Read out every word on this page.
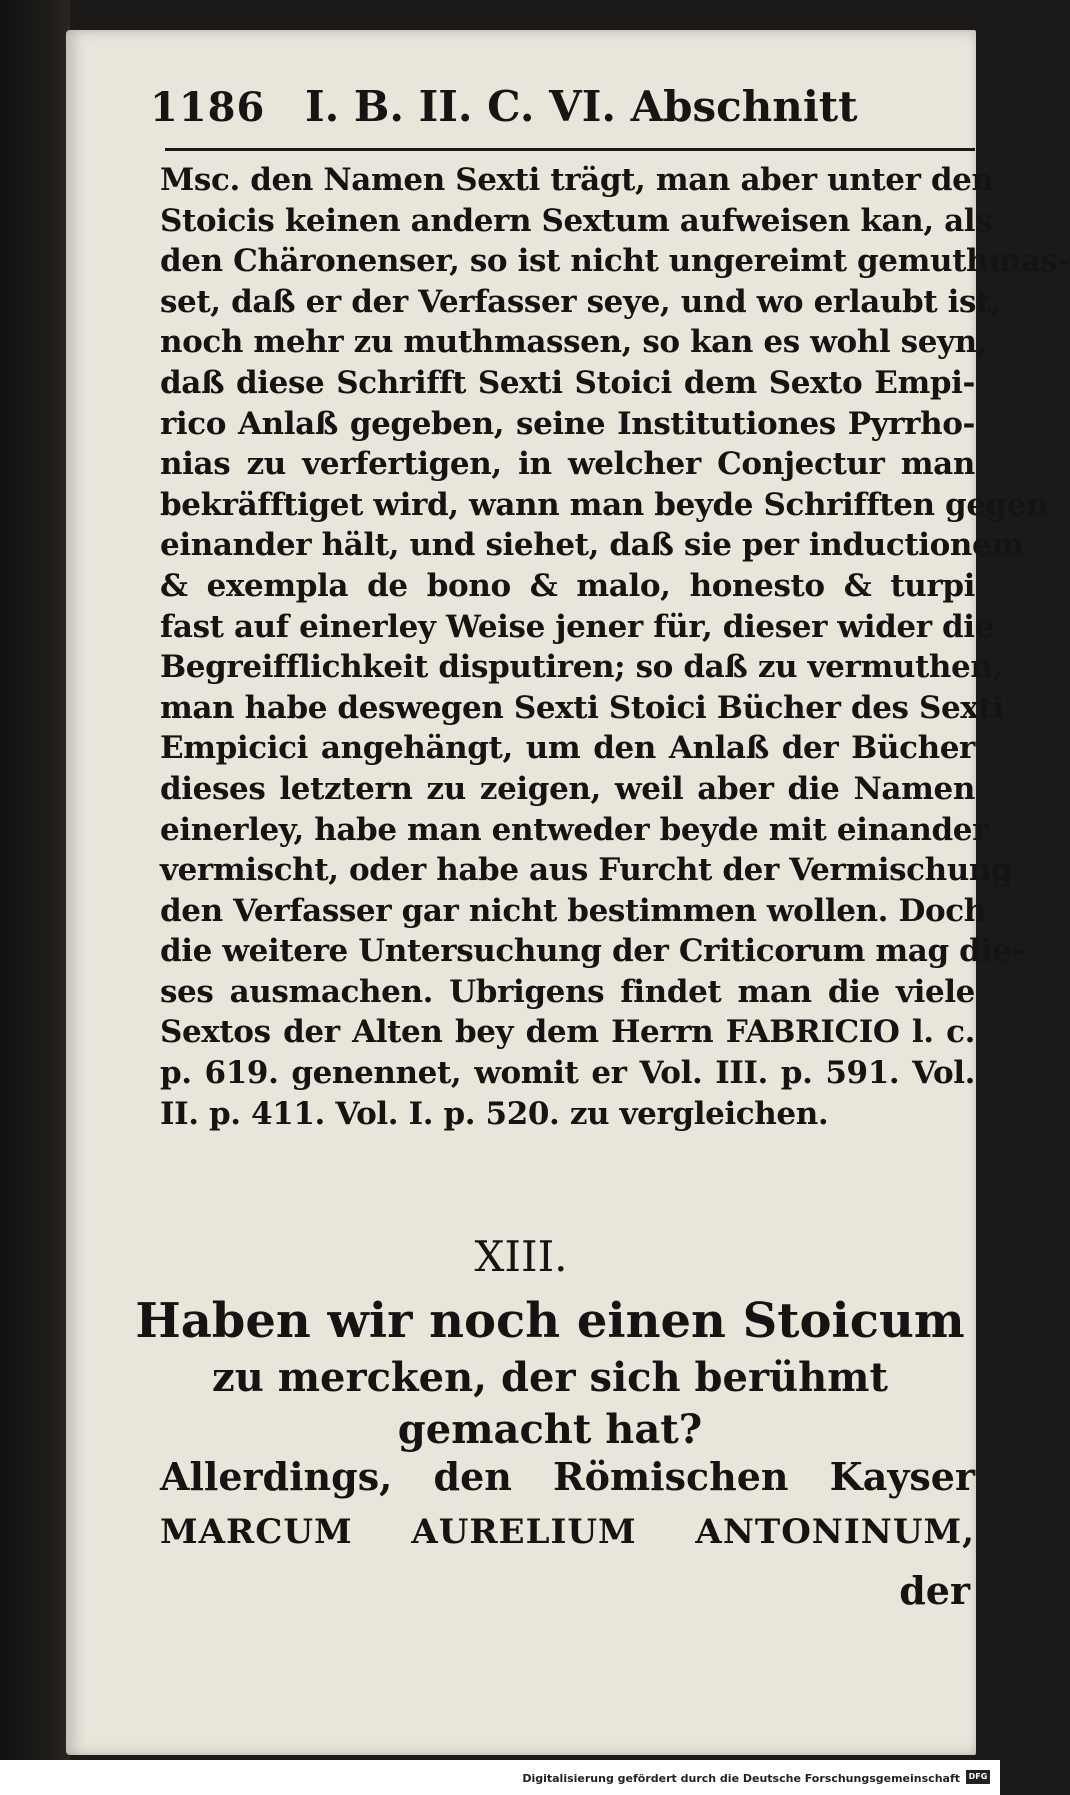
1186 I. B. II. C. VI. Abschnitt
Msc. den Namen Sexti trägt, man aber unter den
Stoicis keinen andern Sextum aufweisen kan, als
den Chäronenser, so ist nicht ungereimt gemuthmas-
set, daß er der Verfasser seye, und wo erlaubt ist,
noch mehr zu muthmassen, so kan es wohl seyn,
daß diese Schrifft Sexti Stoici dem Sexto Empi-
rico Anlaß gegeben, seine Institutiones Pyrrho-
nias zu verfertigen, in welcher Conjectur man
bekräfftiget wird, wann man beyde Schrifften gegen
einander hält, und siehet, daß sie per inductionem
& exempla de bono & malo, honesto & turpi
fast auf einerley Weise jener für, dieser wider die
Begreifflichkeit disputiren; so daß zu vermuthen,
man habe deswegen Sexti Stoici Bücher des Sexti
Empicici angehängt, um den Anlaß der Bücher
dieses letztern zu zeigen, weil aber die Namen
einerley, habe man entweder beyde mit einander
vermischt, oder habe aus Furcht der Vermischung
den Verfasser gar nicht bestimmen wollen. Doch
die weitere Untersuchung der Criticorum mag die-
ses ausmachen. Ubrigens findet man die viele
Sextos der Alten bey dem Herrn FABRICIO l. c.
p. 619. genennet, womit er Vol. III. p. 591. Vol.
II. p. 411. Vol. I. p. 520. zu vergleichen.
XIII.
Haben wir noch einen Stoicum
zu mercken, der sich berühmt
gemacht hat?
Allerdings, den Römischen Kayser
MARCUM AURELIUM ANTONINUM,
der
Digitalisierung gefördert durch die Deutsche Forschungsgemeinschaft	DFG
